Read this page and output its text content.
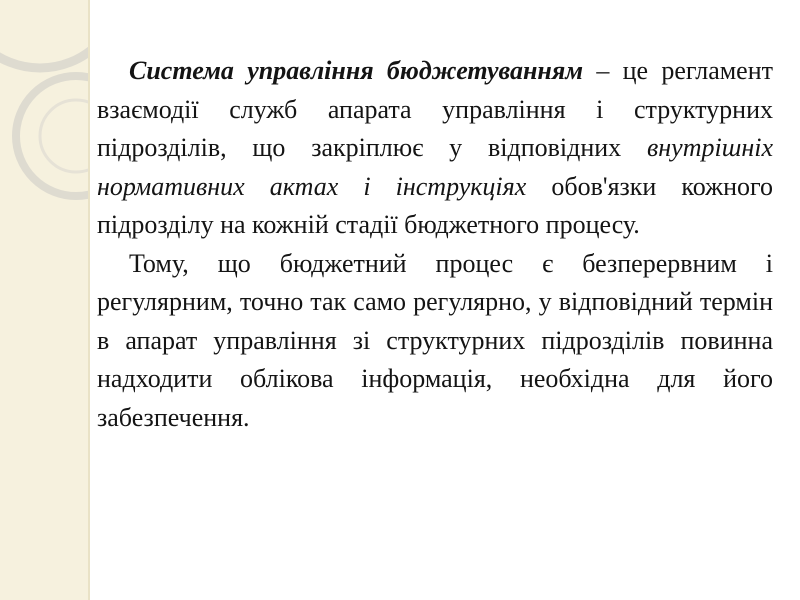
Система управління бюджетуванням – це регламент взаємодії служб апарата управління і структурних підрозділів, що закріплює у відповідних внутрішніх нормативних актах і інструкціях обов'язки кожного підрозділу на кожній стадії бюджетного процесу.

Тому, що бюджетний процес є безперервним і регулярним, точно так само регулярно, у відповідний термін в апарат управління зі структурних підрозділів повинна надходити облікова інформація, необхідна для його забезпечення.
